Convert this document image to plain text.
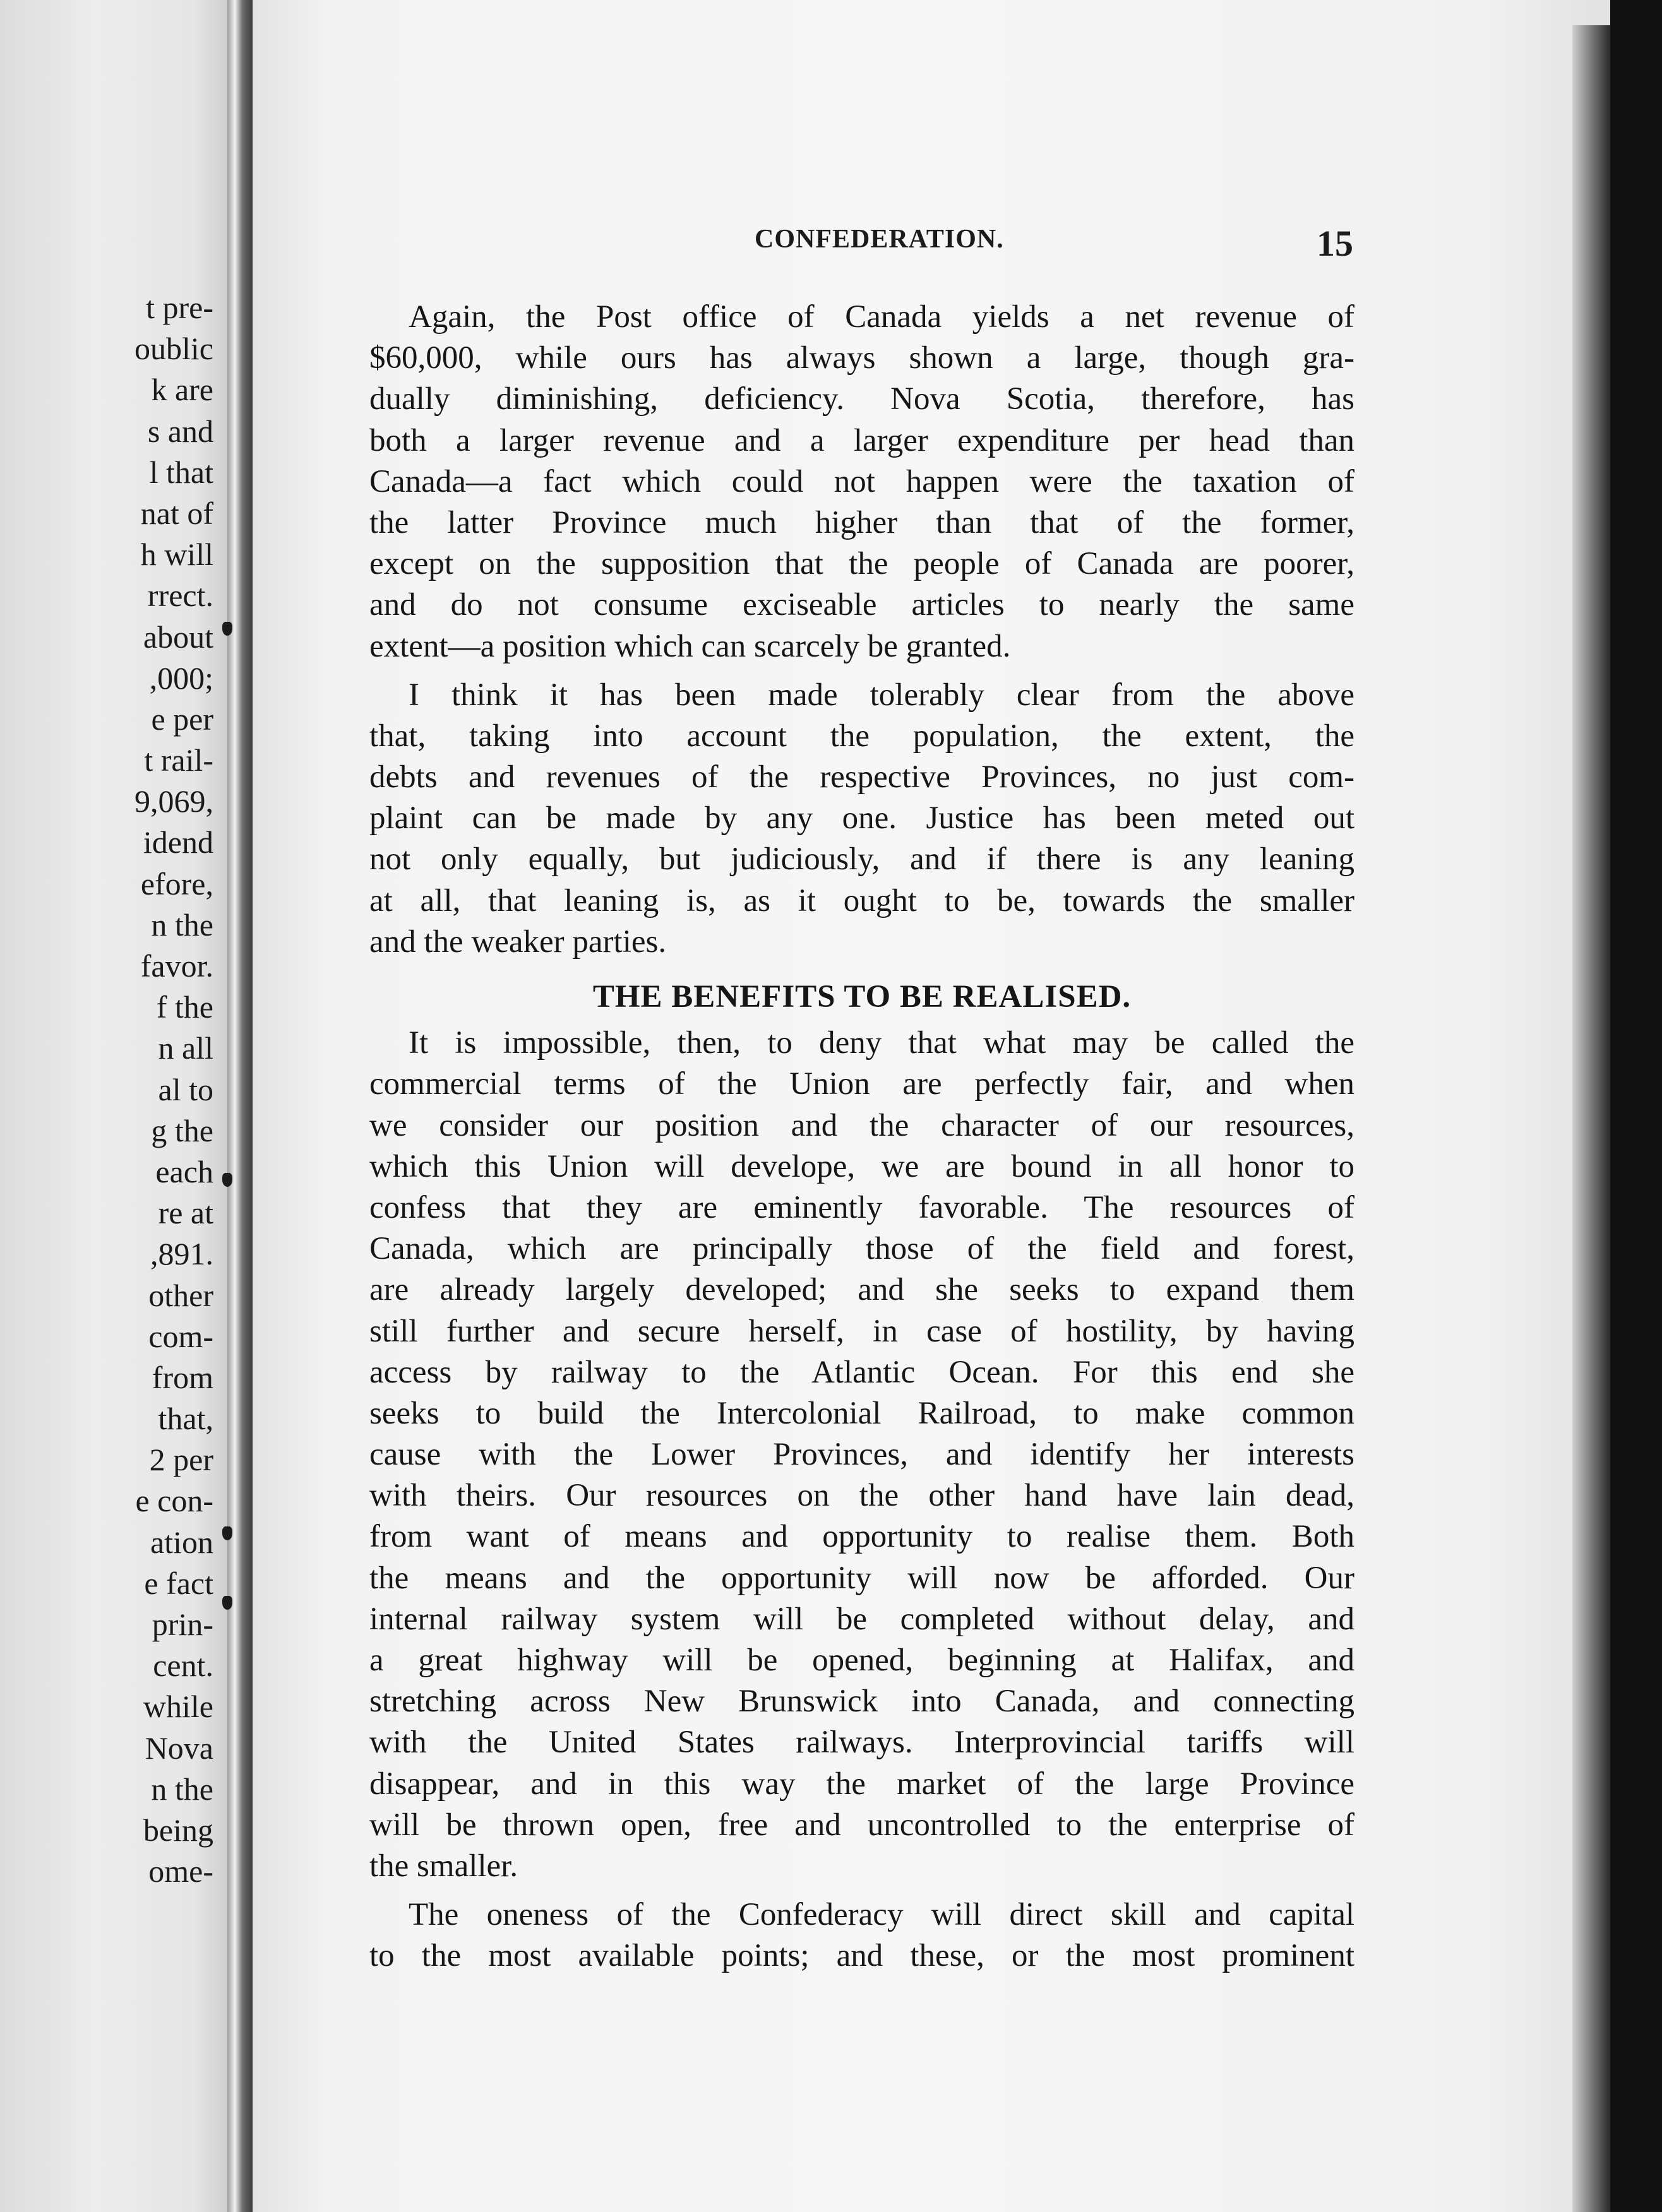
t pre-
oublic
k are
s and
l that
nat of
h will
rrect.
about
,000;
e per
t rail-
9,069,
idend
efore,
n the
favor.
f the
n all
al to
g the
each
re at
,891.
other
com-
from
that,
2 per
e con-
ation
e fact
prin-
cent.
while
Nova
n the
being
ome-
CONFEDERATION.	15
Again, the Post office of Canada yields a net revenue of
$60,000, while ours has always shown a large, though gra-
dually diminishing, deficiency. Nova Scotia, therefore, has
both a larger revenue and a larger expenditure per head than
Canada—a fact which could not happen were the taxation of
the latter Province much higher than that of the former,
except on the supposition that the people of Canada are poorer,
and do not consume exciseable articles to nearly the same
extent—a position which can scarcely be granted.
I think it has been made tolerably clear from the above
that, taking into account the population, the extent, the
debts and revenues of the respective Provinces, no just com-
plaint can be made by any one. Justice has been meted out
not only equally, but judiciously, and if there is any leaning
at all, that leaning is, as it ought to be, towards the smaller
and the weaker parties.
THE BENEFITS TO BE REALISED.
It is impossible, then, to deny that what may be called the
commercial terms of the Union are perfectly fair, and when
we consider our position and the character of our resources,
which this Union will develope, we are bound in all honor to
confess that they are eminently favorable. The resources of
Canada, which are principally those of the field and forest,
are already largely developed; and she seeks to expand them
still further and secure herself, in case of hostility, by having
access by railway to the Atlantic Ocean. For this end she
seeks to build the Intercolonial Railroad, to make common
cause with the Lower Provinces, and identify her interests
with theirs. Our resources on the other hand have lain dead,
from want of means and opportunity to realise them. Both
the means and the opportunity will now be afforded. Our
internal railway system will be completed without delay, and
a great highway will be opened, beginning at Halifax, and
stretching across New Brunswick into Canada, and connecting
with the United States railways. Interprovincial tariffs will
disappear, and in this way the market of the large Province
will be thrown open, free and uncontrolled to the enterprise of
the smaller.
The oneness of the Confederacy will direct skill and capital
to the most available points; and these, or the most prominent
